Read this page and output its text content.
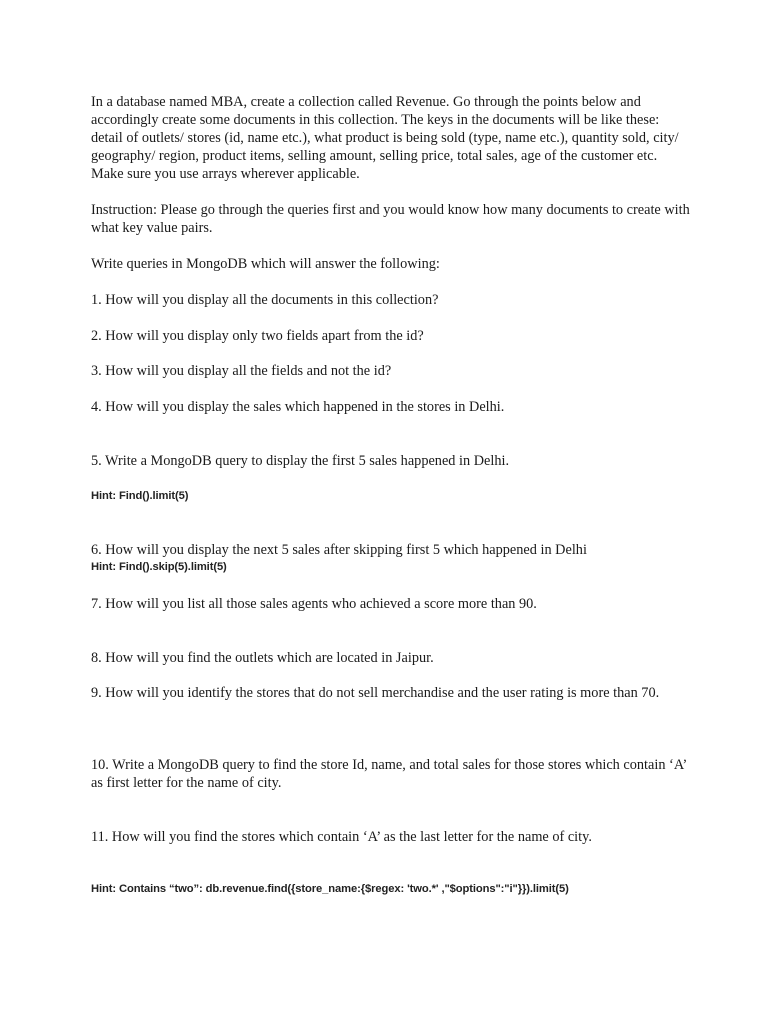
In a database named MBA, create a collection called Revenue. Go through the points below and accordingly create some documents in this collection. The keys in the documents will be like these: detail of outlets/ stores (id, name etc.), what product is being sold (type, name etc.), quantity sold, city/ geography/ region, product items, selling amount, selling price, total sales, age of the customer etc. Make sure you use arrays wherever applicable.

Instruction: Please go through the queries first and you would know how many documents to create with what key value pairs.

Write queries in MongoDB which will answer the following:

1. How will you display all the documents in this collection?

2. How will you display only two fields apart from the id?

3. How will you display all the fields and not the id?

4. How will you display the sales which happened in the stores in Delhi.

5. Write a MongoDB query to display the first 5 sales happened in Delhi.

Hint: Find().limit(5)

6. How will you display the next 5 sales after skipping first 5 which happened in Delhi

Hint: Find().skip(5).limit(5)

7. How will you list all those sales agents who achieved a score more than 90.

8. How will you find the outlets which are located in Jaipur.

9. How will you identify the stores that do not sell merchandise and the user rating is more than 70.

10. Write a MongoDB query to find the store Id, name, and total sales for those stores which contain ‘A’ as first letter for the name of city.

11. How will you find the stores which contain ‘A’ as the last letter for the name of city.

Hint: Contains “two”: db.revenue.find({store_name:{$regex: 'two.*' ,"$options":"i"}}).limit(5)
